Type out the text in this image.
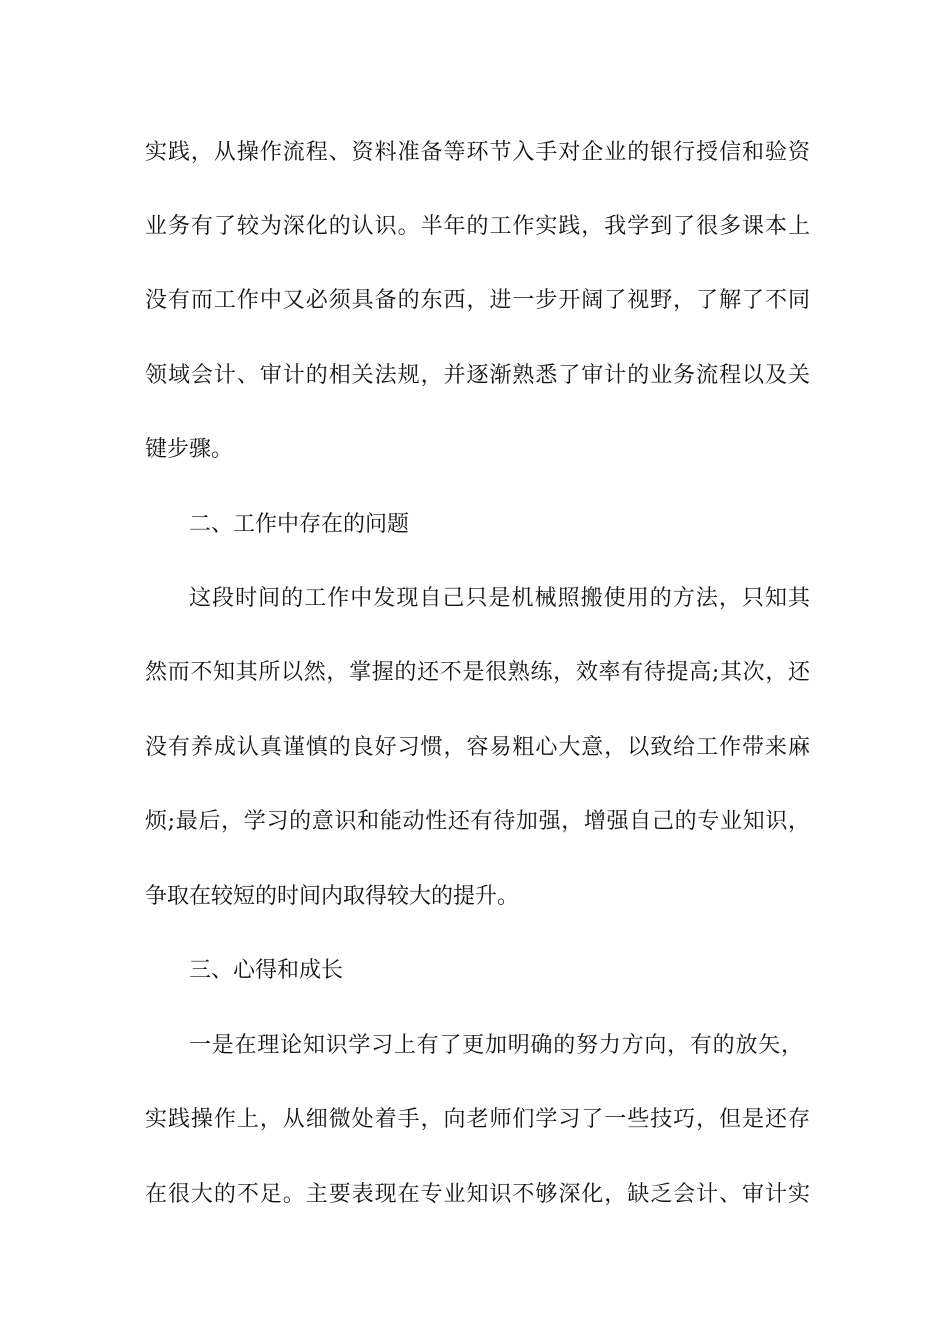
实践，从操作流程、资料准备等环节入手对企业的银行授信和验资
业务有了较为深化的认识。半年的工作实践，我学到了很多课本上
没有而工作中又必须具备的东西，进一步开阔了视野，了解了不同
领域会计、审计的相关法规，并逐渐熟悉了审计的业务流程以及关
键步骤。
二、工作中存在的问题
这段时间的工作中发现自己只是机械照搬使用的方法，只知其
然而不知其所以然，掌握的还不是很熟练，效率有待提高;其次，还
没有养成认真谨慎的良好习惯，容易粗心大意，以致给工作带来麻
烦;最后，学习的意识和能动性还有待加强，增强自己的专业知识，
争取在较短的时间内取得较大的提升。
三、心得和成长
一是在理论知识学习上有了更加明确的努力方向，有的放矢，
实践操作上，从细微处着手，向老师们学习了一些技巧，但是还存
在很大的不足。主要表现在专业知识不够深化，缺乏会计、审计实
